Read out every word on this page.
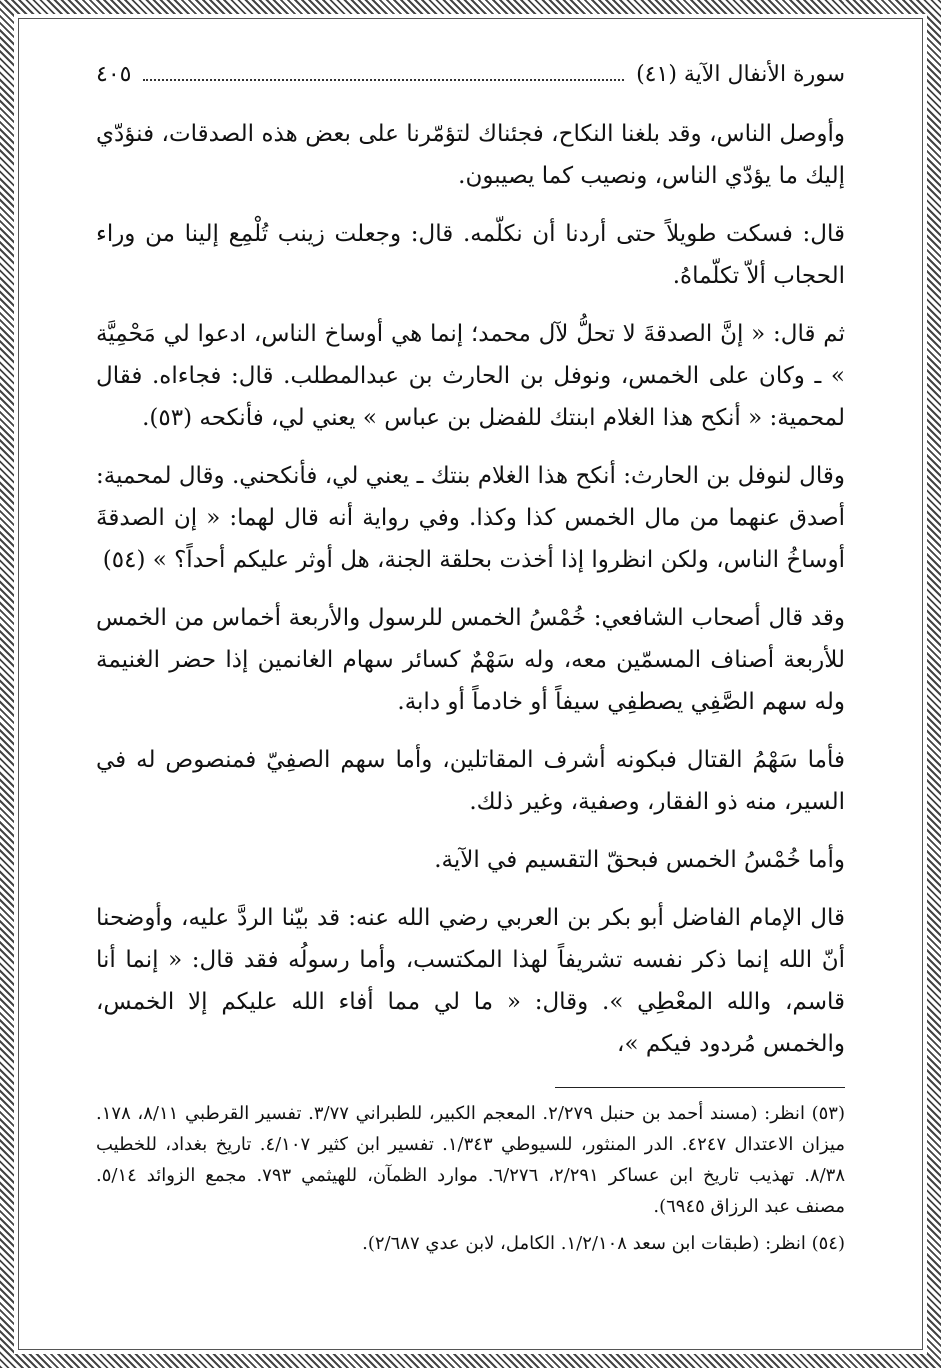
سورة الأنفال الآية (٤١)
٤٠٥

وأوصل الناس، وقد بلغنا النكاح، فجئناك لتؤمّرنا على بعض هذه الصدقات، فنؤدّي إليك ما يؤدّي الناس، ونصيب كما يصيبون.

قال: فسكت طويلاً حتى أردنا أن نكلّمه. قال: وجعلت زينب تُلْمِع إلينا من وراء الحجاب ألاّ تكلّماهُ.

ثم قال: « إنَّ الصدقةَ لا تحلُّ لآل محمد؛ إنما هي أوساخ الناس، ادعوا لي مَحْمِيَّة » ـ وكان على الخمس، ونوفل بن الحارث بن عبدالمطلب. قال: فجاءاه. فقال لمحمية: « أنكح هذا الغلام ابنتك للفضل بن عباس » يعني لي، فأنكحه (٥٣).

وقال لنوفل بن الحارث: أنكح هذا الغلام بنتك ـ يعني لي، فأنكحني. وقال لمحمية: أصدق عنهما من مال الخمس كذا وكذا. وفي رواية أنه قال لهما: « إن الصدقةَ أوساخُ الناس، ولكن انظروا إذا أخذت بحلقة الجنة، هل أوثر عليكم أحداً؟ » (٥٤)

وقد قال أصحاب الشافعي: خُمْسُ الخمس للرسول والأربعة أخماس من الخمس للأربعة أصناف المسمّين معه، وله سَهْمٌ كسائر سهام الغانمين إذا حضر الغنيمة وله سهم الصَّفِي يصطفِي سيفاً أو خادماً أو دابة.

فأما سَهْمُ القتال فبكونه أشرف المقاتلين، وأما سهم الصفِيّ فمنصوص له في السير، منه ذو الفقار، وصفية، وغير ذلك.

وأما خُمْسُ الخمس فبحقّ التقسيم في الآية.

قال الإمام الفاضل أبو بكر بن العربي رضي الله عنه: قد بيّنا الردَّ عليه، وأوضحنا أنّ الله إنما ذكر نفسه تشريفاً لهذا المكتسب، وأما رسولُه فقد قال: « إنما أنا قاسم، والله المعْطِي ». وقال: « ما لي مما أفاء الله عليكم إلا الخمس، والخمس مُردود فيكم »،

(٥٣) انظر: (مسند أحمد بن حنبل ٢/٢٧٩. المعجم الكبير، للطبراني ٣/٧٧. تفسير القرطبي ٨/١١، ١٧٨. ميزان الاعتدال ٤٢٤٧. الدر المنثور، للسيوطي ١/٣٤٣. تفسير ابن كثير ٤/١٠٧. تاريخ بغداد، للخطيب ٨/٣٨. تهذيب تاريخ ابن عساكر ٢/٢٩١، ٦/٢٧٦. موارد الظمآن، للهيثمي ٧٩٣. مجمع الزوائد ٥/١٤. مصنف عبد الرزاق ٦٩٤٥).

(٥٤) انظر: (طبقات ابن سعد ١/٢/١٠٨. الكامل، لابن عدي ٢/٦٨٧).
